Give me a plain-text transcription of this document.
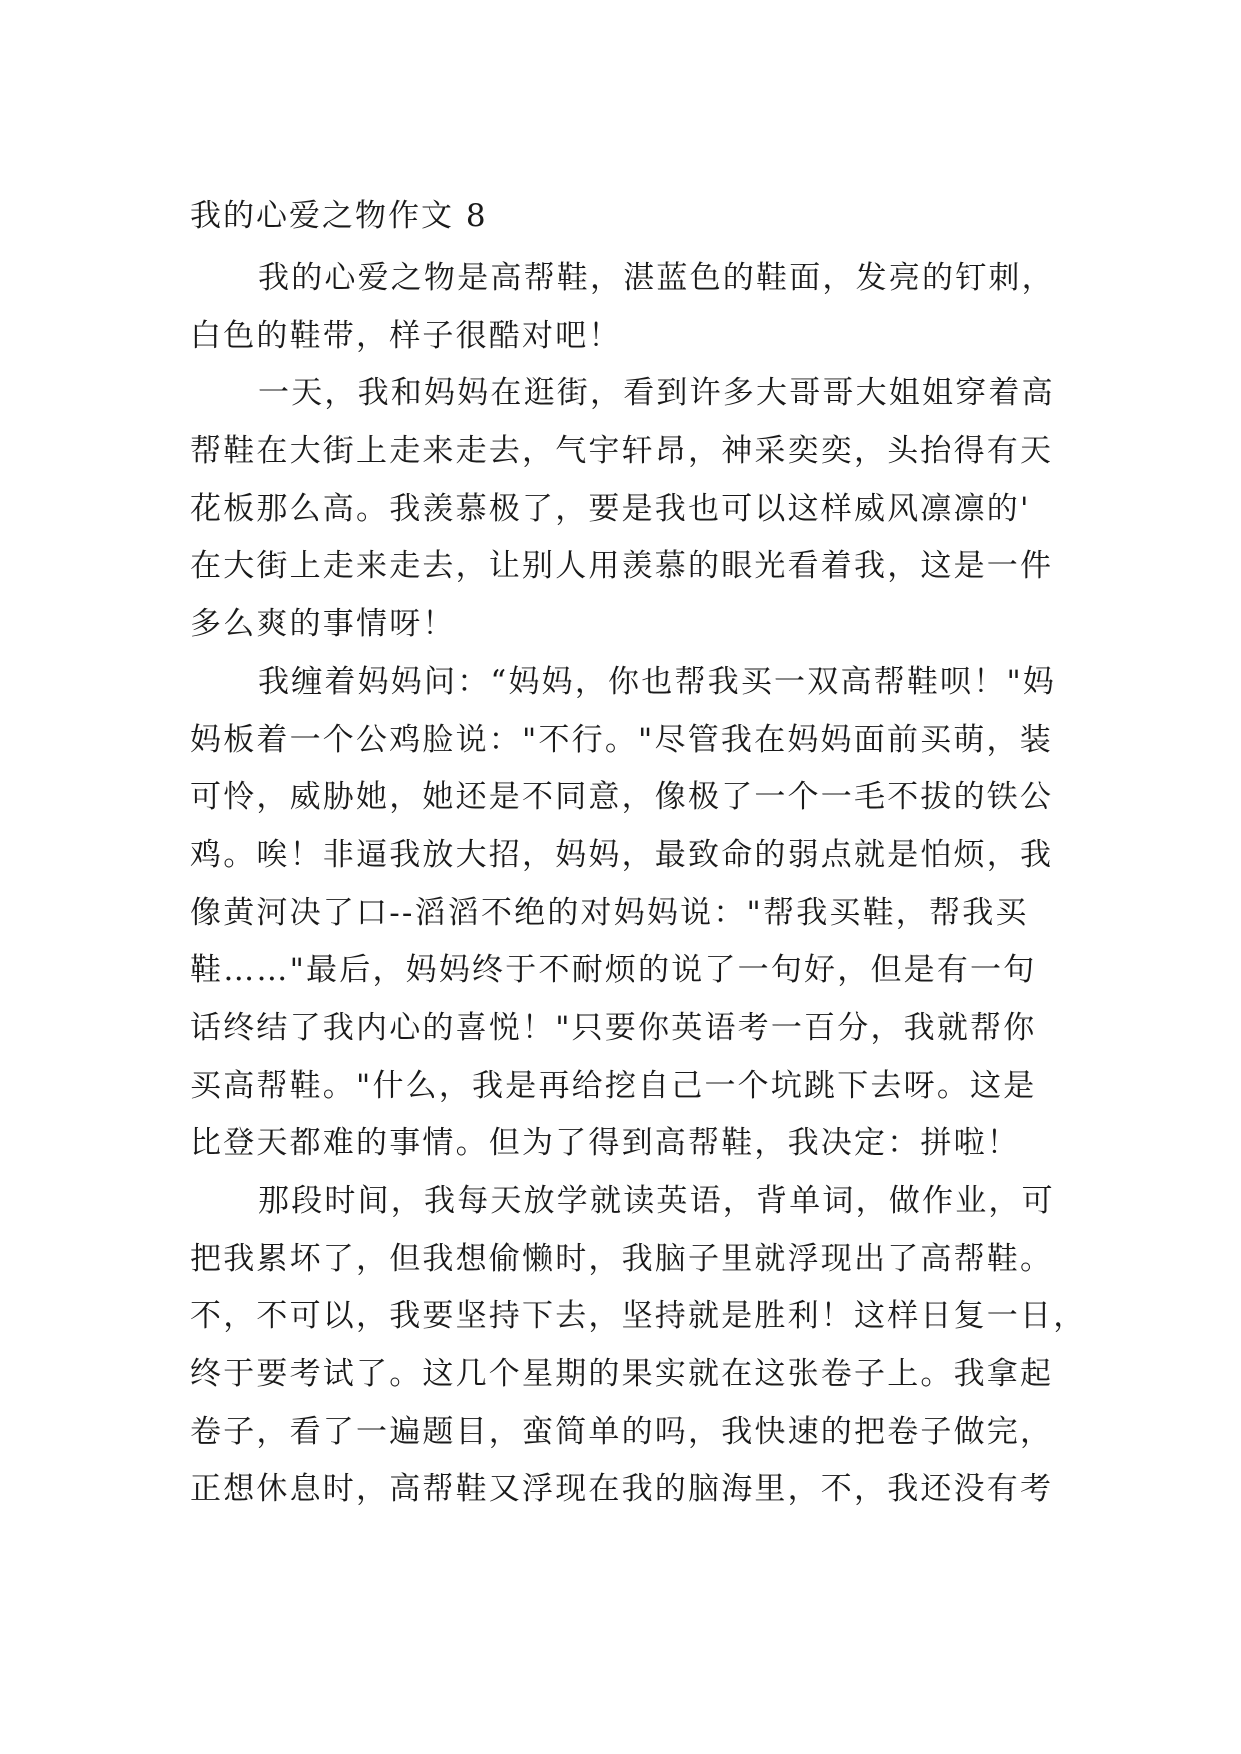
我的心爱之物作文 8
我的心爱之物是高帮鞋，湛蓝色的鞋面，发亮的钉刺，
白色的鞋带，样子很酷对吧！
一天，我和妈妈在逛街，看到许多大哥哥大姐姐穿着高
帮鞋在大街上走来走去，气宇轩昂，神采奕奕，头抬得有天
花板那么高。我羡慕极了，要是我也可以这样威风凛凛的'
在大街上走来走去，让别人用羡慕的眼光看着我，这是一件
多么爽的事情呀！
我缠着妈妈问：“妈妈，你也帮我买一双高帮鞋呗！"妈
妈板着一个公鸡脸说："不行。"尽管我在妈妈面前买萌，装
可怜，威胁她，她还是不同意，像极了一个一毛不拔的铁公
鸡。唉！非逼我放大招，妈妈，最致命的弱点就是怕烦，我
像黄河决了口--滔滔不绝的对妈妈说："帮我买鞋，帮我买
鞋……"最后，妈妈终于不耐烦的说了一句好，但是有一句
话终结了我内心的喜悦！"只要你英语考一百分，我就帮你
买高帮鞋。"什么，我是再给挖自己一个坑跳下去呀。这是
比登天都难的事情。但为了得到高帮鞋，我决定：拼啦！
那段时间，我每天放学就读英语，背单词，做作业，可
把我累坏了，但我想偷懒时，我脑子里就浮现出了高帮鞋。
不，不可以，我要坚持下去，坚持就是胜利！这样日复一日，
终于要考试了。这几个星期的果实就在这张卷子上。我拿起
卷子，看了一遍题目，蛮简单的吗，我快速的把卷子做完，
正想休息时，高帮鞋又浮现在我的脑海里，不，我还没有考
